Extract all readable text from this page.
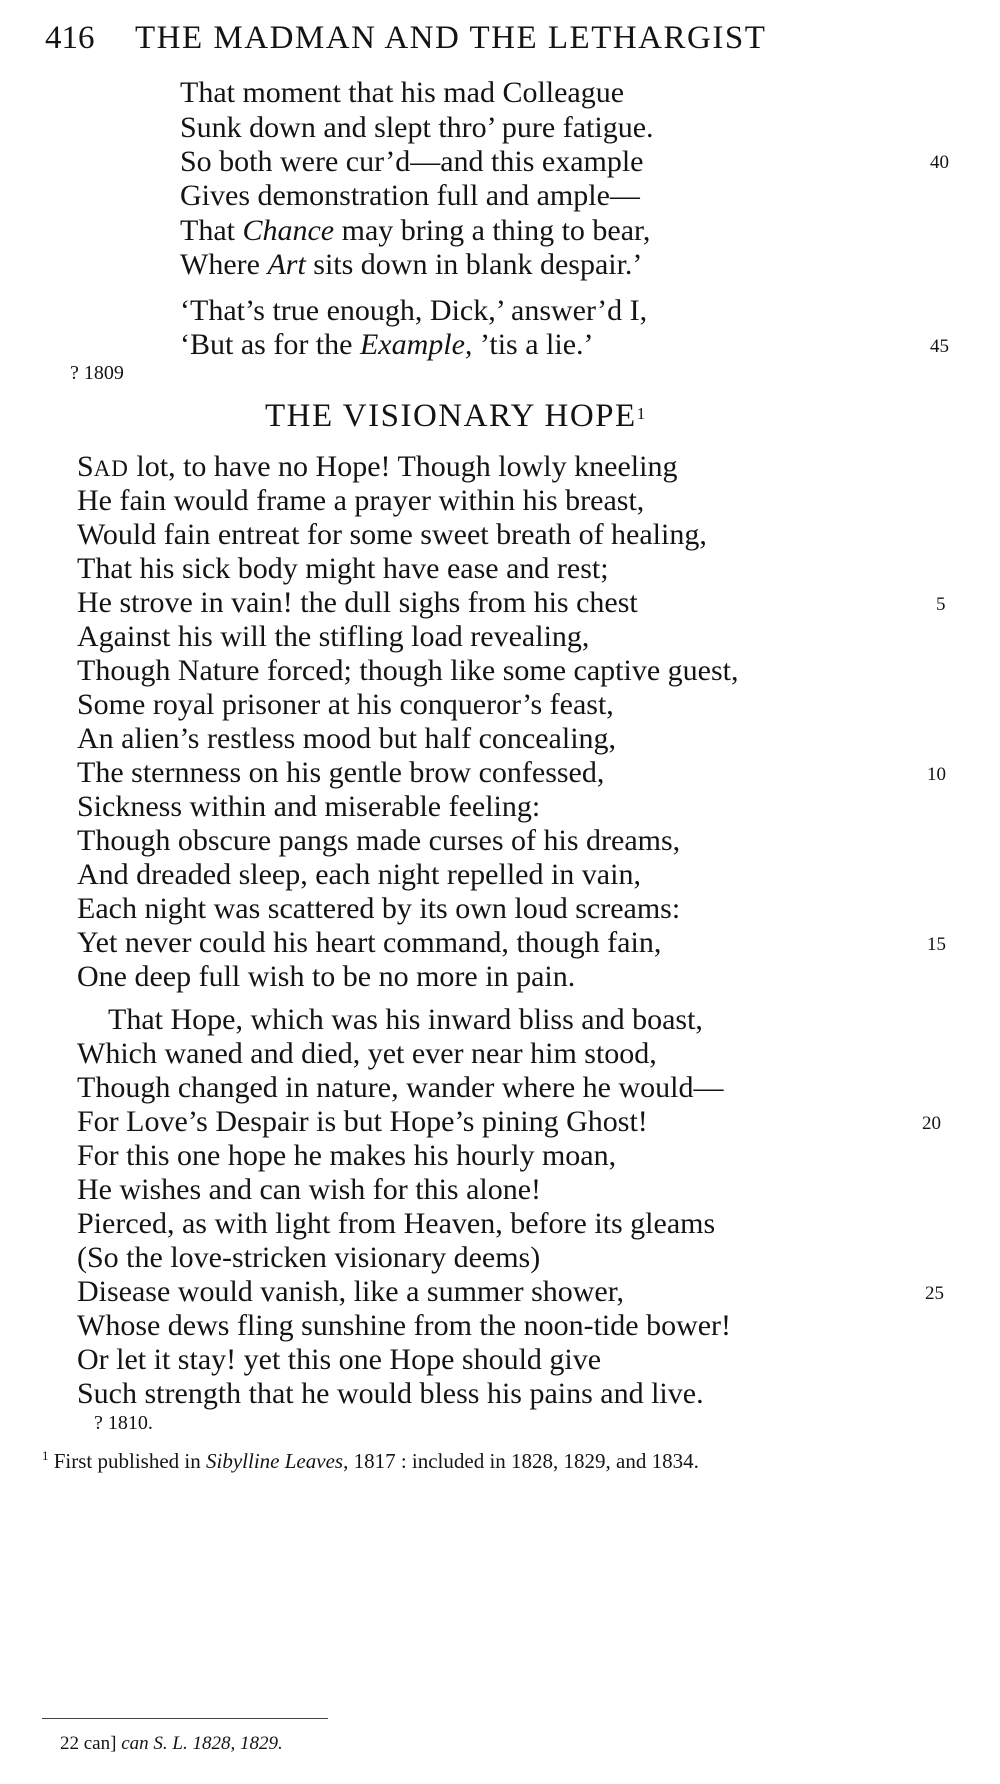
416 THE MADMAN AND THE LETHARGIST
That moment that his mad Colleague
Sunk down and slept thro’ pure fatigue.
So both were cur’d—and this example
Gives demonstration full and ample—
That Chance may bring a thing to bear,
Where Art sits down in blank despair.’
‘That’s true enough, Dick,’ answer’d I,
‘But as for the Example, ’tis a lie.’
40
45
? 1809
THE VISIONARY HOPE$^1$
SAD lot, to have no Hope! Though lowly kneeling
He fain would frame a prayer within his breast,
Would fain entreat for some sweet breath of healing,
That his sick body might have ease and rest;
He strove in vain! the dull sighs from his chest
Against his will the stifling load revealing,
Though Nature forced; though like some captive guest,
Some royal prisoner at his conqueror’s feast,
An alien’s restless mood but half concealing,
The sternness on his gentle brow confessed,
Sickness within and miserable feeling:
Though obscure pangs made curses of his dreams,
And dreaded sleep, each night repelled in vain,
Each night was scattered by its own loud screams:
Yet never could his heart command, though fain,
One deep full wish to be no more in pain.
That Hope, which was his inward bliss and boast,
Which waned and died, yet ever near him stood,
Though changed in nature, wander where he would—
For Love’s Despair is but Hope’s pining Ghost!
For this one hope he makes his hourly moan,
He wishes and can wish for this alone!
Pierced, as with light from Heaven, before its gleams
(So the love-stricken visionary deems)
Disease would vanish, like a summer shower,
Whose dews fling sunshine from the noon-tide bower!
Or let it stay! yet this one Hope should give
Such strength that he would bless his pains and live.
5
10
15
20
25
? 1810.
$^1$ First published in Sibylline Leaves, 1817 : included in 1828, 1829, and 1834.
22 can] can S. L. 1828, 1829.
